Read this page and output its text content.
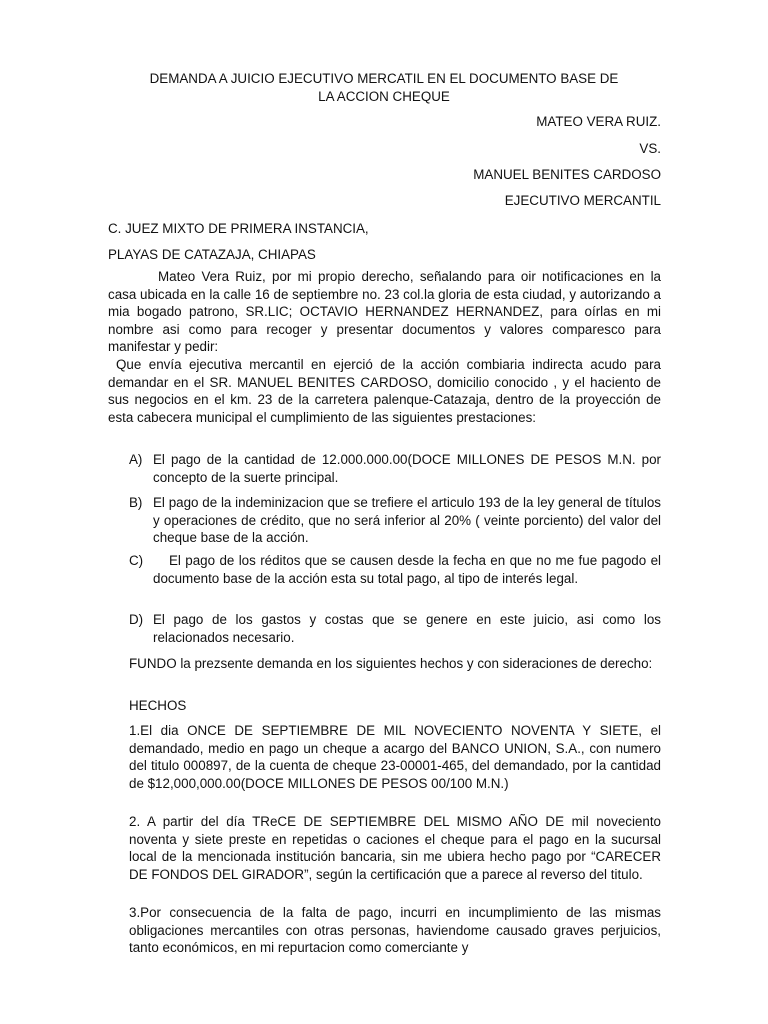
DEMANDA A JUICIO EJECUTIVO MERCATIL EN EL DOCUMENTO BASE DE
LA ACCION CHEQUE
MATEO VERA RUIZ.
VS.
MANUEL BENITES CARDOSO
EJECUTIVO MERCANTIL
C. JUEZ MIXTO DE PRIMERA INSTANCIA,
PLAYAS DE CATAZAJA, CHIAPAS

Mateo Vera Ruiz, por mi propio derecho, señalando para oir notificaciones en la casa ubicada en la calle 16 de septiembre no. 23 col.la gloria de esta ciudad, y autorizando a mia bogado patrono, SR.LIC; OCTAVIO HERNANDEZ HERNANDEZ, para oírlas en mi nombre asi como para recoger y presentar documentos y valores comparesco para manifestar y pedir:

Que envía ejecutiva mercantil en ejerció de la acción combiaria indirecta acudo para demandar en el SR. MANUEL BENITES CARDOSO, domicilio conocido , y el haciento de sus negocios en el km. 23 de la carretera palenque-Catazaja, dentro de la proyección de esta cabecera municipal el cumplimiento de las siguientes prestaciones:

A) El pago de la cantidad de 12.000.000.00(DOCE MILLONES DE PESOS M.N. por concepto de la suerte principal.
B) El pago de la indeminizacion que se trefiere el articulo 193 de la ley general de títulos y operaciones de crédito, que no será inferior al 20% ( veinte porciento) del valor del cheque base de la acción.
C)	El pago de los réditos que se causen desde la fecha en que no me fue pagodo el documento base de la acción esta su total pago, al tipo de interés legal.
D) El pago de los gastos y costas que se genere en este juicio, asi como los relacionados necesario.

FUNDO la prezsente demanda en los siguientes hechos y con sideraciones de derecho:

HECHOS

1.El dia ONCE DE SEPTIEMBRE DE MIL NOVECIENTO NOVENTA Y SIETE, el demandado, medio en pago un cheque a acargo del BANCO UNION, S.A., con numero del titulo 000897, de la cuenta de cheque 23-00001-465, del demandado, por la cantidad de $12,000,000.00(DOCE MILLONES DE PESOS 00/100 M.N.)

2. A partir del día TReCE DE SEPTIEMBRE DEL MISMO AÑO DE mil noveciento noventa y siete preste en repetidas o caciones el cheque para el pago en la sucursal local de la mencionada institución bancaria, sin me ubiera hecho pago por “CARECER DE FONDOS DEL GIRADOR”, según la certificación que a parece al reverso del titulo.

3.Por consecuencia de la falta de pago, incurri en incumplimiento de las mismas obligaciones mercantiles con otras personas, haviendome causado graves perjuicios, tanto económicos, en mi repurtacion como comerciante y
